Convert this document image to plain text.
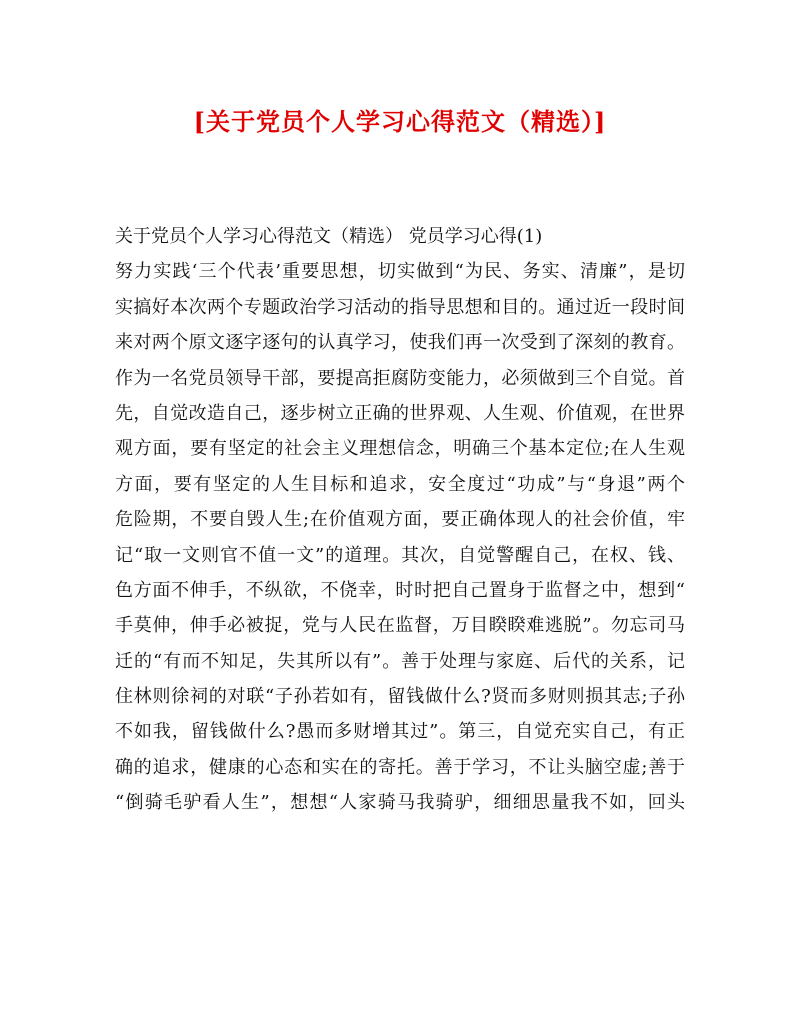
[关于党员个人学习心得范文（精选）]
关于党员个人学习心得范文（精选） 党员学习心得(1)
努力实践‘三个代表’重要思想，切实做到“为民、务实、清廉”，是切
实搞好本次两个专题政治学习活动的指导思想和目的。通过近一段时间
来对两个原文逐字逐句的认真学习，使我们再一次受到了深刻的教育。
作为一名党员领导干部，要提高拒腐防变能力，必须做到三个自觉。首
先，自觉改造自己，逐步树立正确的世界观、人生观、价值观，在世界
观方面，要有坚定的社会主义理想信念，明确三个基本定位;在人生观
方面，要有坚定的人生目标和追求，安全度过“功成”与“身退”两个
危险期，不要自毁人生;在价值观方面，要正确体现人的社会价值，牢
记“取一文则官不值一文”的道理。其次，自觉警醒自己，在权、钱、
色方面不伸手，不纵欲，不侥幸，时时把自己置身于监督之中，想到“
手莫伸，伸手必被捉，党与人民在监督，万目睽睽难逃脱”。勿忘司马
迁的“有而不知足，失其所以有”。善于处理与家庭、后代的关系，记
住林则徐祠的对联“子孙若如有，留钱做什么?贤而多财则损其志;子孙
不如我，留钱做什么?愚而多财增其过”。第三，自觉充实自己，有正
确的追求，健康的心态和实在的寄托。善于学习，不让头脑空虚;善于
“倒骑毛驴看人生”，想想“人家骑马我骑驴，细细思量我不如，回头
